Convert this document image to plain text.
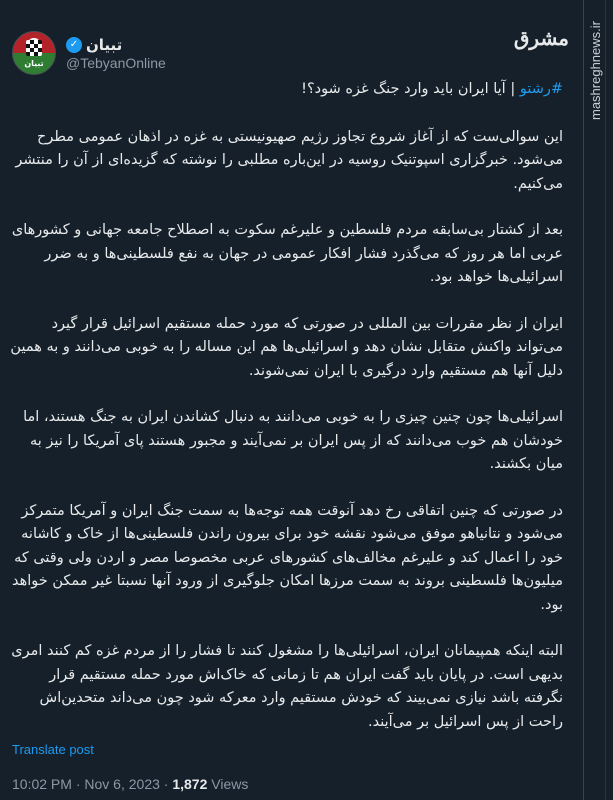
تبیان
✓ تبیان
@TebyanOnline
مشرق

#رشتو | آیا ایران باید وارد جنگ غزه شود؟!

این سوالی‌ست که از آغاز شروع تجاوز رژیم صهیونیستی به غزه در اذهان عمومی مطرح می‌شود. خبرگزاری اسپوتنیک روسیه در این‌باره مطلبی را نوشته که گزیده‌ای از آن را منتشر می‌کنیم.

بعد از کشتار بی‌سابقه مردم فلسطین و علیرغم سکوت به اصطلاح جامعه جهانی و کشورهای عربی اما هر روز که می‌گذرد فشار افکار عمومی در جهان به نفع فلسطینی‌ها و به ضرر اسرائیلی‌ها خواهد بود.

ایران از نظر مقررات بین المللی در صورتی که مورد حمله مستقیم اسرائیل قرار گیرد می‌تواند واکنش متقابل نشان دهد و اسرائیلی‌ها هم این مساله را به خوبی می‌دانند و به همین دلیل آنها هم مستقیم وارد درگیری با ایران نمی‌شوند.

اسرائیلی‌ها چون چنین چیزی را به خوبی می‌دانند به دنبال کشاندن ایران به جنگ هستند، اما خودشان هم خوب می‌دانند که از پس ایران بر نمی‌آیند و مجبور هستند پای آمریکا را نیز به میان بکشند.

در صورتی که چنین اتفاقی رخ دهد آنوقت همه توجه‌ها به سمت جنگ ایران و آمریکا متمرکز می‌شود و نتانیاهو موفق می‌شود نقشه خود برای بیرون راندن فلسطینی‌ها از خاک و کاشانه خود را اعمال کند و علیرغم مخالف‌های کشورهای عربی مخصوصا مصر و اردن ولی وقتی که میلیون‌ها فلسطینی بروند به سمت مرزها امکان جلوگیری از ورود آنها نسبتا غیر ممکن خواهد بود.

البته اینکه همپیمانان ایران، اسرائیلی‌ها را مشغول کنند تا فشار را از مردم غزه کم کنند امری بدیهی است. در پایان باید گفت ایران هم تا زمانی که خاک‌اش مورد حمله مستقیم قرار نگرفته باشد نیازی نمی‌بیند که خودش مستقیم وارد معرکه شود چون می‌داند متحدین‌اش راحت از پس اسرائیل بر می‌آیند.

Translate post
10:02 PM · Nov 6, 2023 · 1,872 Views
mashreghnews.ir
